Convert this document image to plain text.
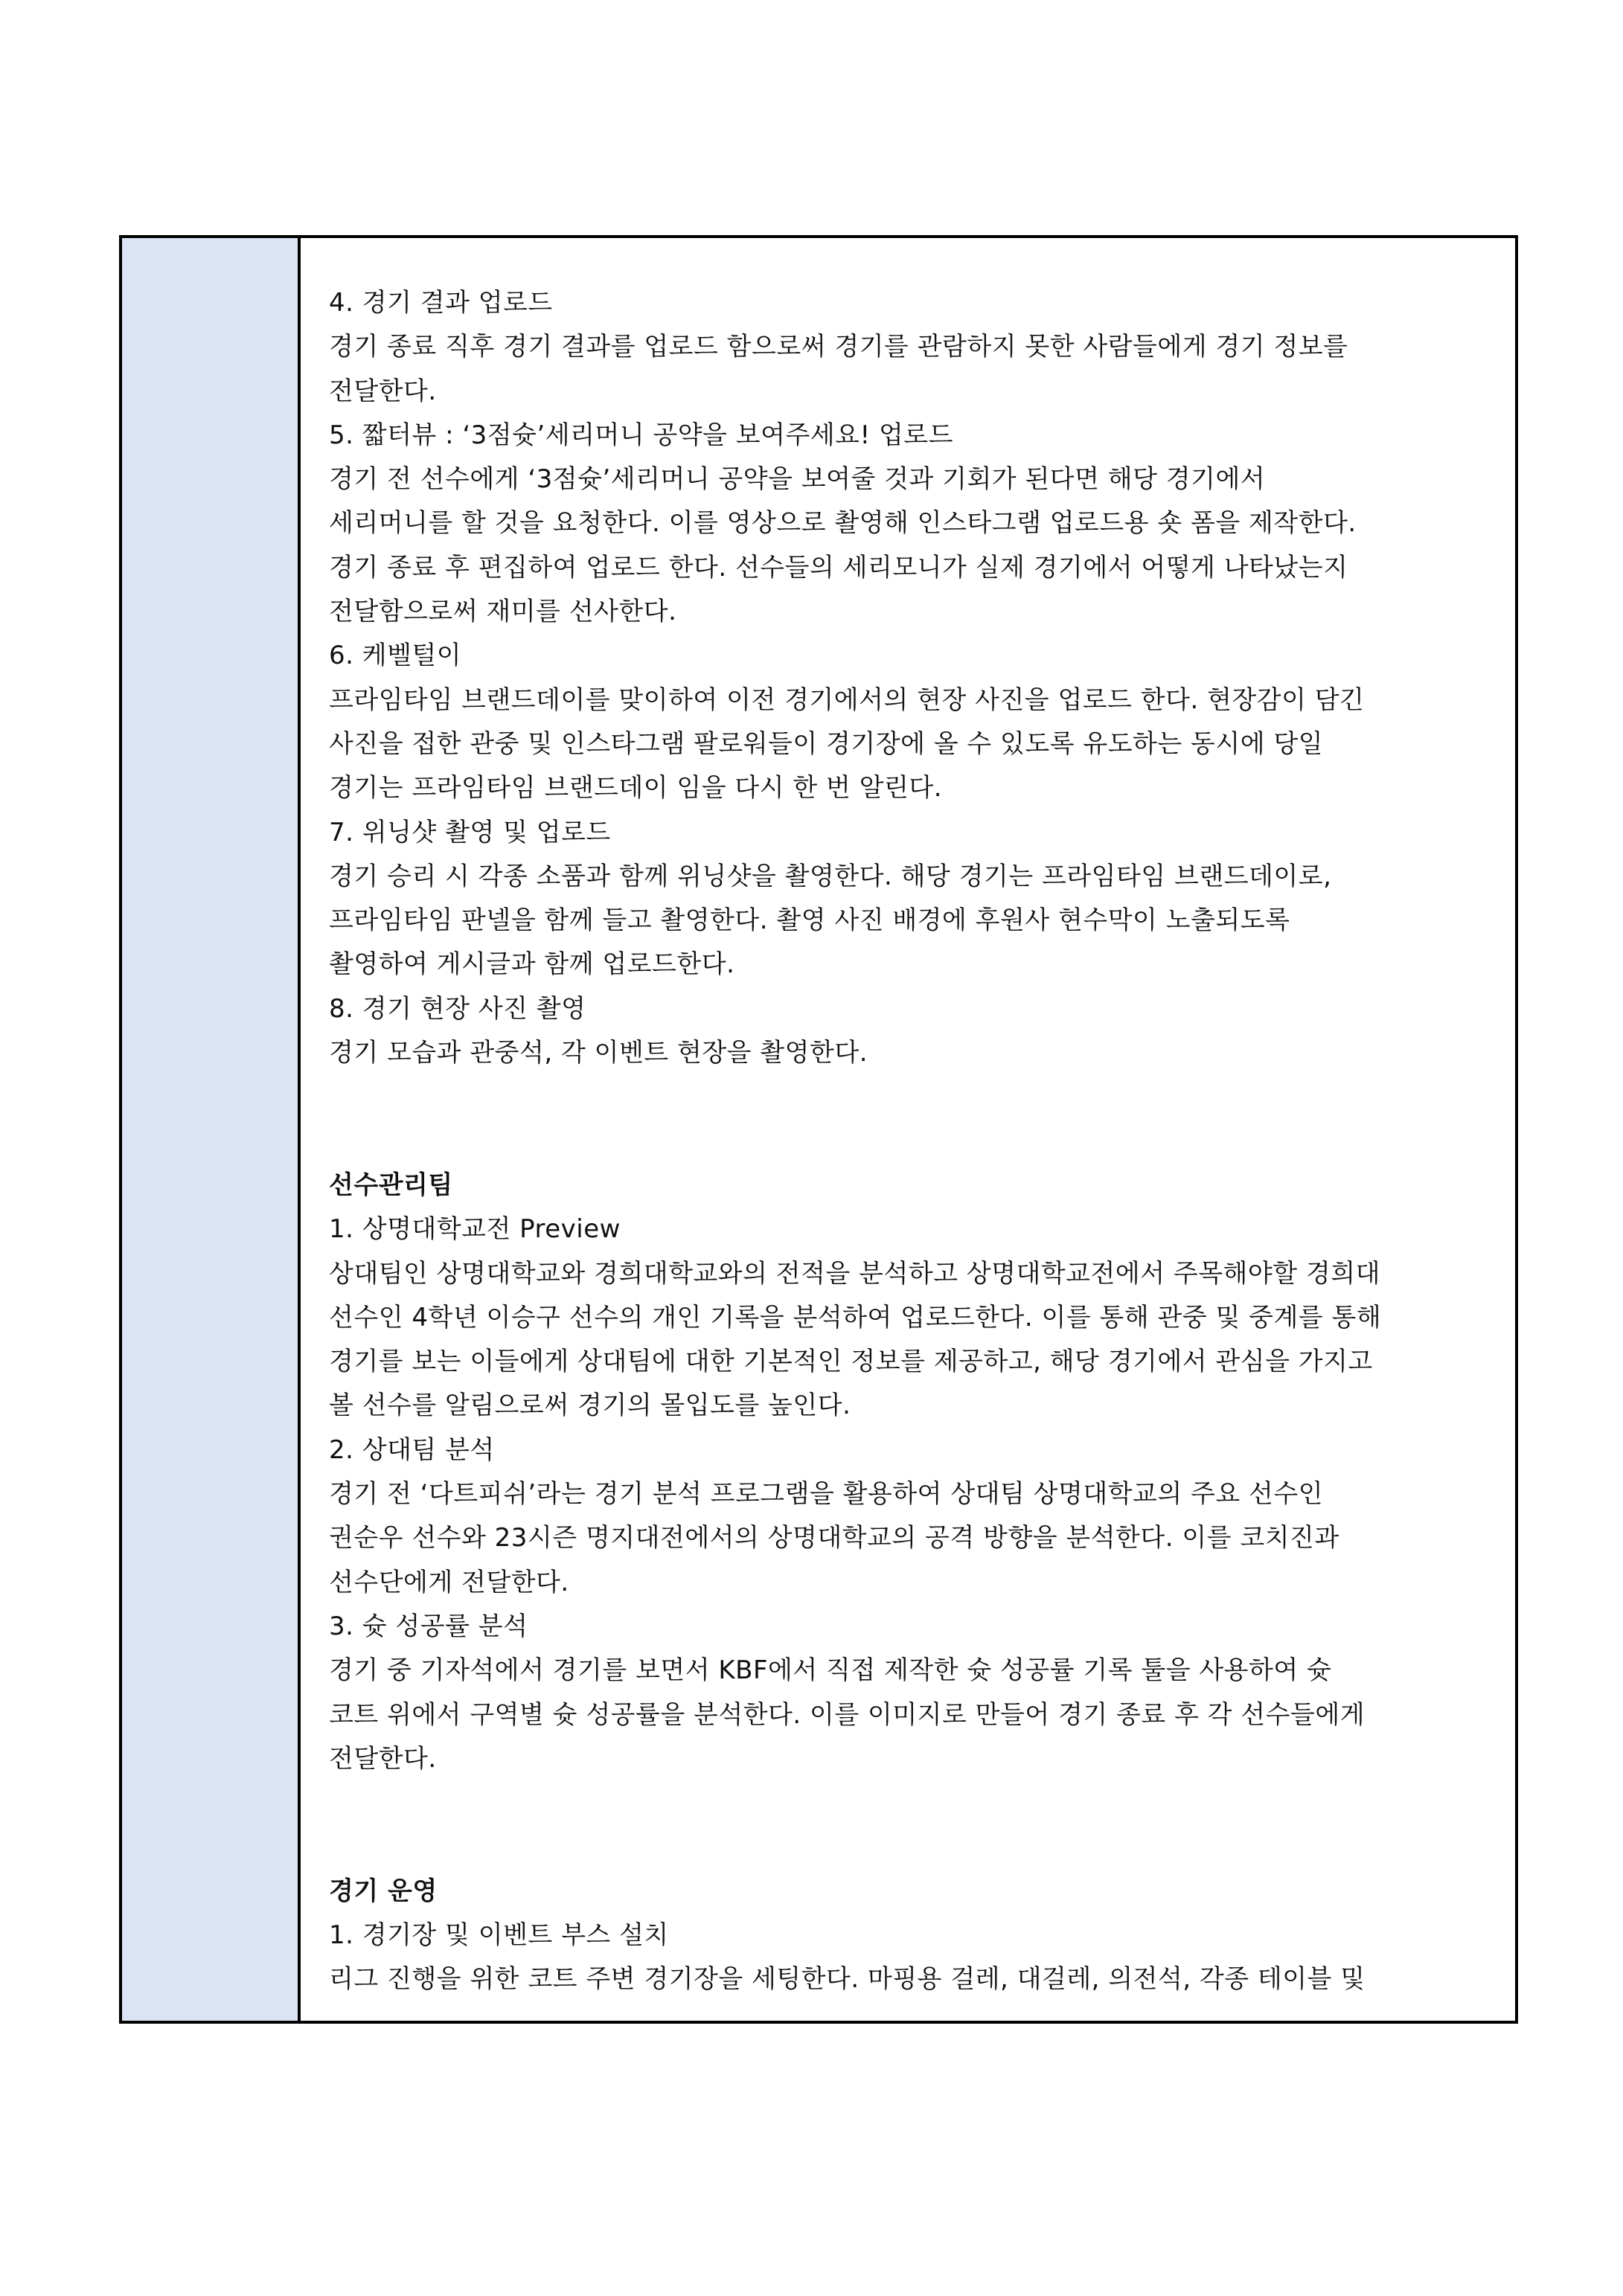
4. 경기 결과 업로드
경기 종료 직후 경기 결과를 업로드 함으로써 경기를 관람하지 못한 사람들에게 경기 정보를
전달한다.
5. 짧터뷰 : ‘3점슛’세리머니 공약을 보여주세요! 업로드
경기 전 선수에게 ‘3점슛’세리머니 공약을 보여줄 것과 기회가 된다면 해당 경기에서
세리머니를 할 것을 요청한다. 이를 영상으로 촬영해 인스타그램 업로드용 숏 폼을 제작한다.
경기 종료 후 편집하여 업로드 한다. 선수들의 세리모니가 실제 경기에서 어떻게 나타났는지
전달함으로써 재미를 선사한다.
6. 케벨털이
프라임타임 브랜드데이를 맞이하여 이전 경기에서의 현장 사진을 업로드 한다. 현장감이 담긴
사진을 접한 관중 및 인스타그램 팔로워들이 경기장에 올 수 있도록 유도하는 동시에 당일
경기는 프라임타임 브랜드데이 임을 다시 한 번 알린다.
7. 위닝샷 촬영 및 업로드
경기 승리 시 각종 소품과 함께 위닝샷을 촬영한다. 해당 경기는 프라임타임 브랜드데이로,
프라임타임 판넬을 함께 들고 촬영한다. 촬영 사진 배경에 후원사 현수막이 노출되도록
촬영하여 게시글과 함께 업로드한다.
8. 경기 현장 사진 촬영
경기 모습과 관중석, 각 이벤트 현장을 촬영한다.
선수관리팀
1. 상명대학교전 Preview
상대팀인 상명대학교와 경희대학교와의 전적을 분석하고 상명대학교전에서 주목해야할 경희대
선수인 4학년 이승구 선수의 개인 기록을 분석하여 업로드한다. 이를 통해 관중 및 중계를 통해
경기를 보는 이들에게 상대팀에 대한 기본적인 정보를 제공하고, 해당 경기에서 관심을 가지고
볼 선수를 알림으로써 경기의 몰입도를 높인다.
2. 상대팀 분석
경기 전 ‘다트피쉬’라는 경기 분석 프로그램을 활용하여 상대팀 상명대학교의 주요 선수인
권순우 선수와 23시즌 명지대전에서의 상명대학교의 공격 방향을 분석한다. 이를 코치진과
선수단에게 전달한다.
3. 슛 성공률 분석
경기 중 기자석에서 경기를 보면서 KBF에서 직접 제작한 슛 성공률 기록 툴을 사용하여 슛
코트 위에서 구역별 슛 성공률을 분석한다. 이를 이미지로 만들어 경기 종료 후 각 선수들에게
전달한다.
경기 운영
1. 경기장 및 이벤트 부스 설치
리그 진행을 위한 코트 주변 경기장을 세팅한다. 마핑용 걸레, 대걸레, 의전석, 각종 테이블 및
